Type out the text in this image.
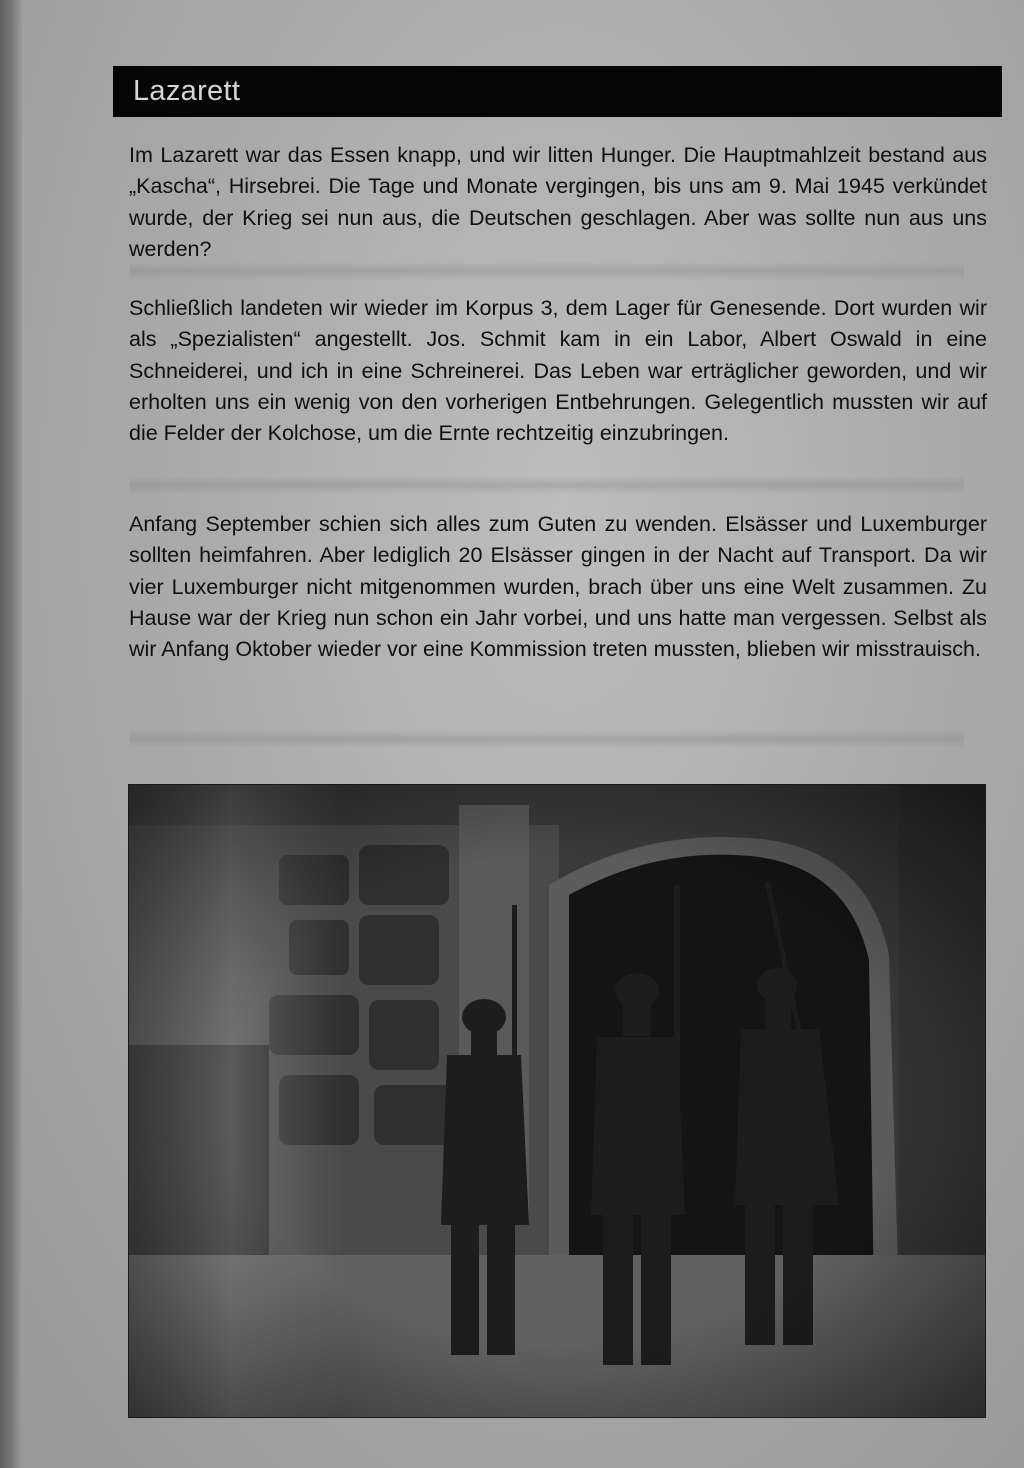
Lazarett

Im Lazarett war das Essen knapp, und wir litten Hunger. Die Hauptmahlzeit bestand aus „Kascha“, Hirsebrei. Die Tage und Monate vergingen, bis uns am 9. Mai 1945 verkündet wurde, der Krieg sei nun aus, die Deutschen geschlagen. Aber was sollte nun aus uns werden?

Schließlich landeten wir wieder im Korpus 3, dem Lager für Genesende. Dort wurden wir als „Spezialisten“ angestellt. Jos. Schmit kam in ein Labor, Albert Oswald in eine Schneiderei, und ich in eine Schreinerei. Das Leben war erträglicher geworden, und wir erholten uns ein wenig von den vorherigen Entbehrungen. Gelegentlich mussten wir auf die Felder der Kolchose, um die Ernte rechtzeitig einzubringen.

Anfang September schien sich alles zum Guten zu wenden. Elsässer und Luxemburger sollten heimfahren. Aber lediglich 20 Elsässer gingen in der Nacht auf Transport. Da wir vier Luxemburger nicht mitgenommen wurden, brach über uns eine Welt zusammen. Zu Hause war der Krieg nun schon ein Jahr vorbei, und uns hatte man vergessen. Selbst als wir Anfang Oktober wieder vor eine Kommission treten mussten, blieben wir misstrauisch.
